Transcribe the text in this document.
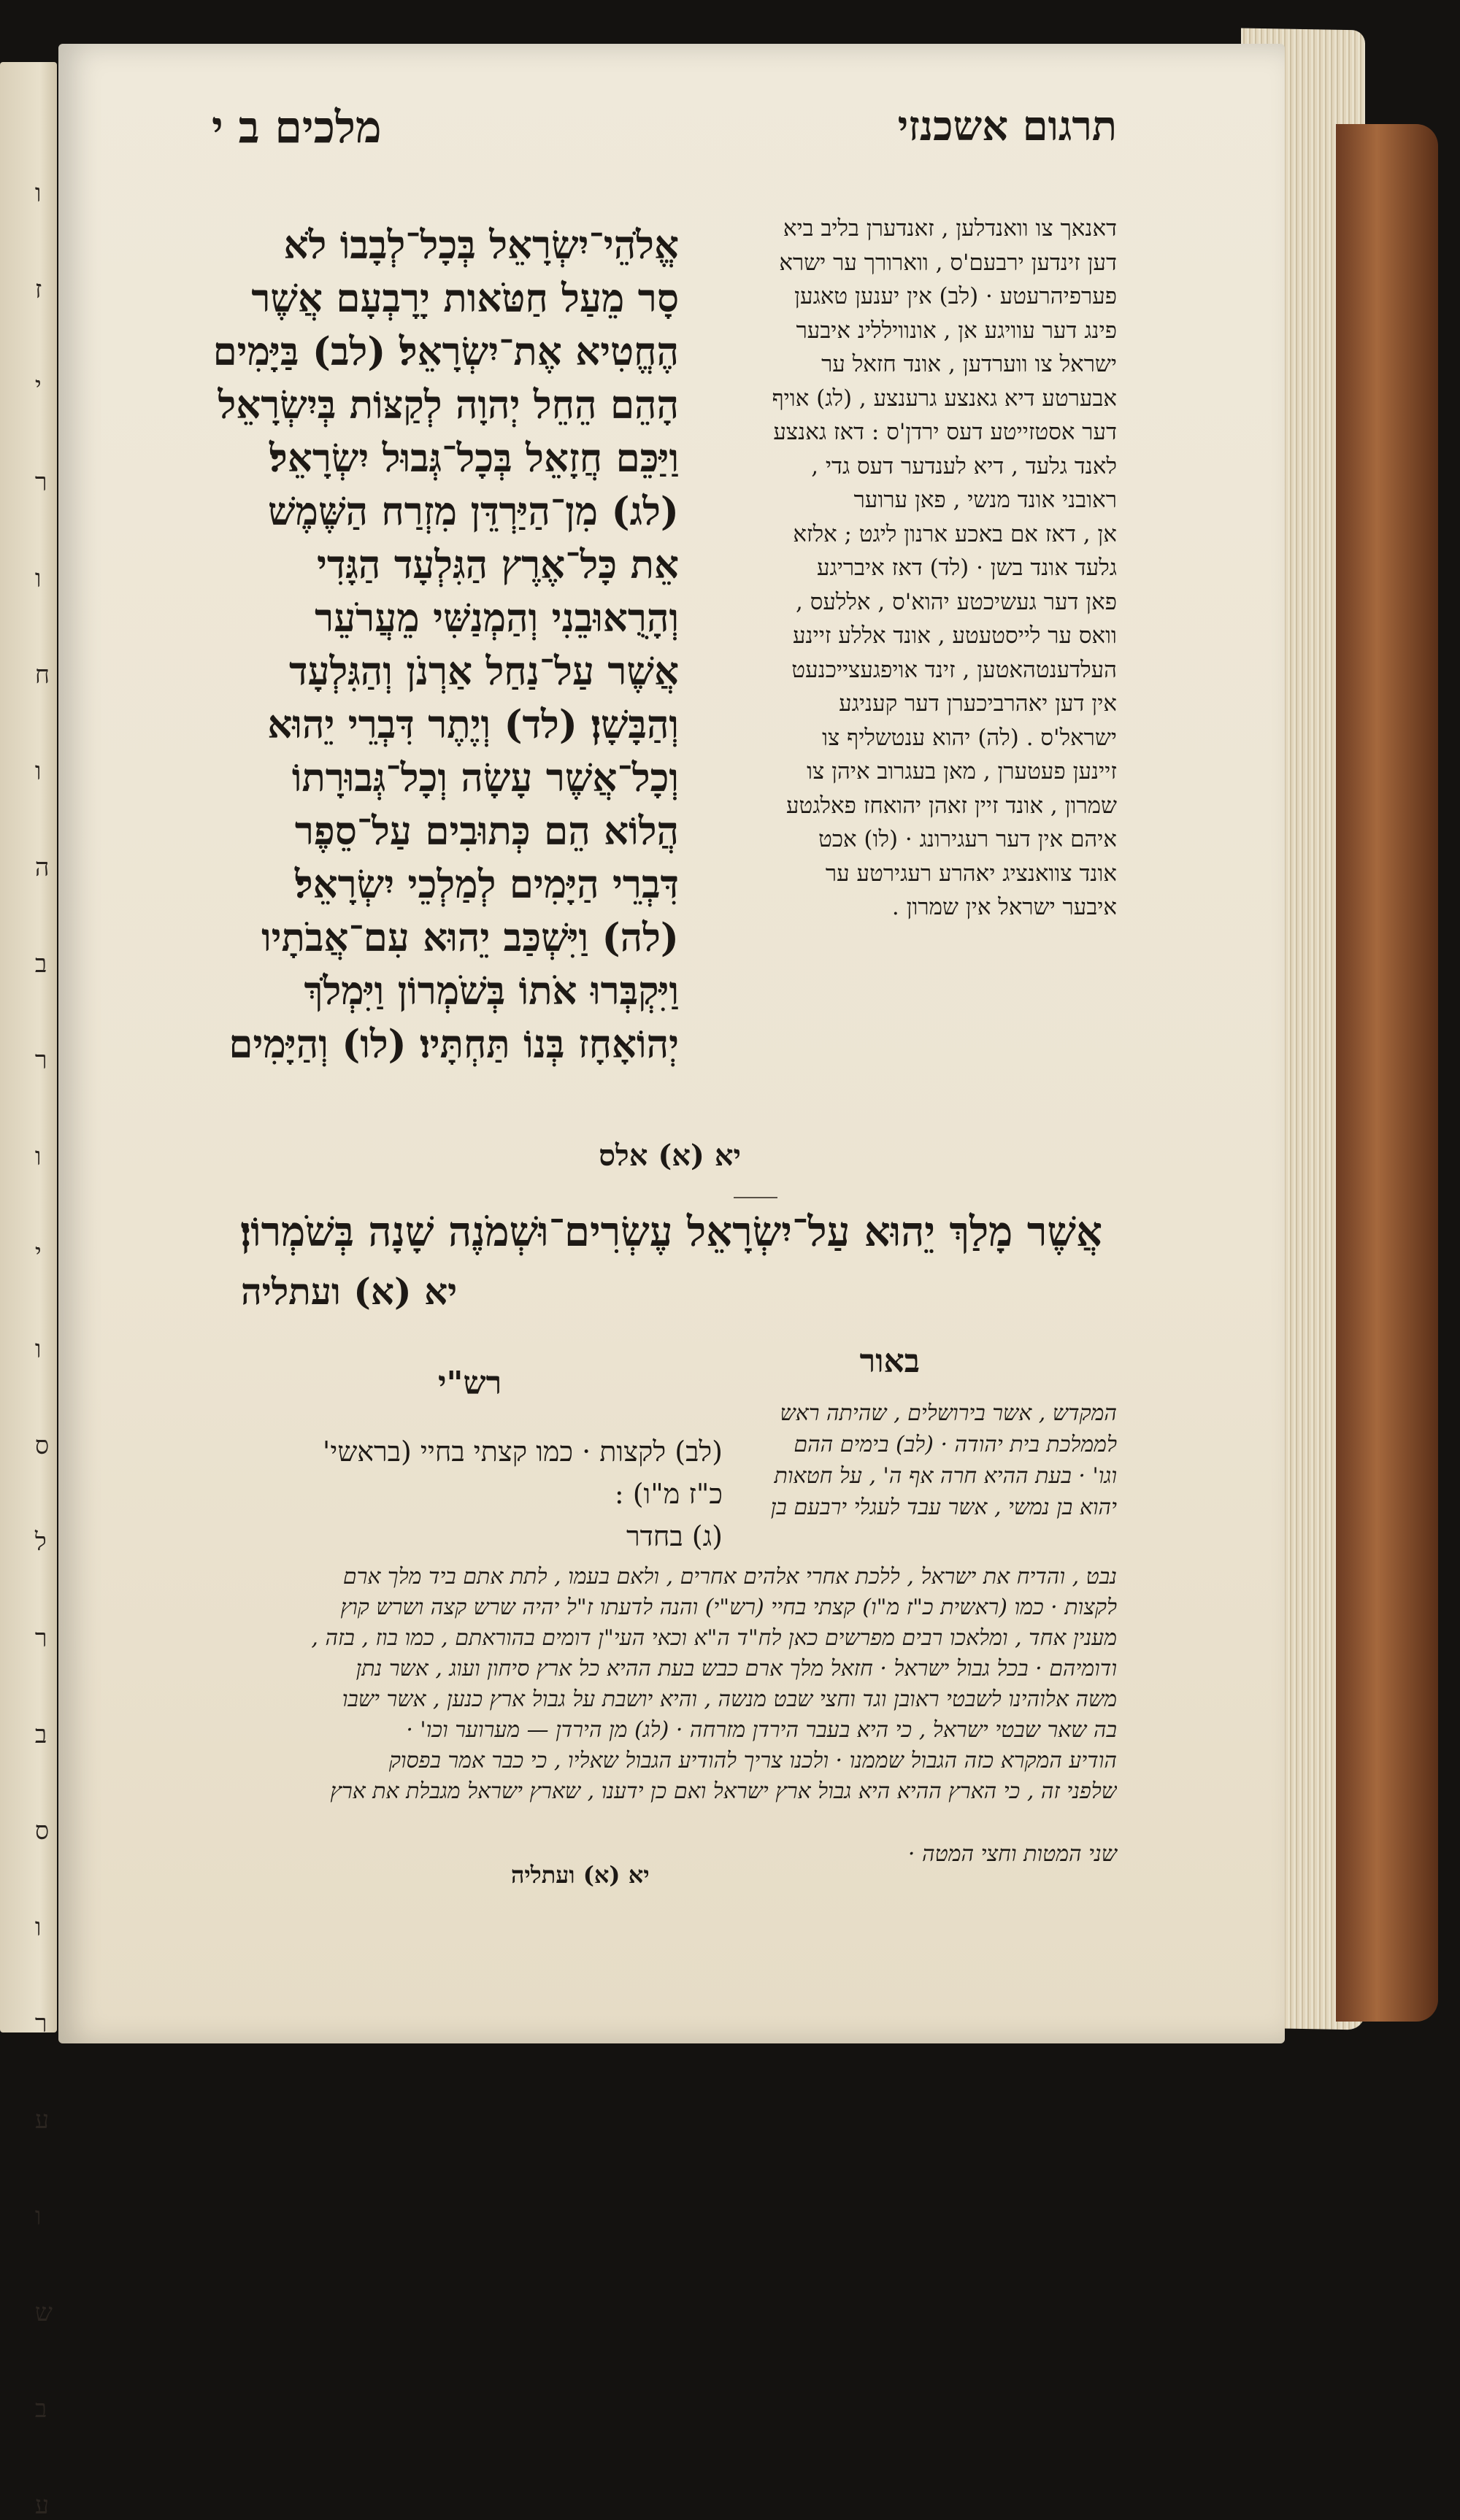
ו
ז
י
ר
ו
ח
ו
ה
ב
ר
ו
י
ו
ס
ל
ר
ב
ס
ו
ר
ע
ו
ש
ב
ע
תרגום אשכנזי
מלכים ב י
דאנאך צו וואנדלען , זאנדערן בליב ביא
דען זינדען ירבעם'ס , ווארורך ער ישרא
פערפיהרעטע · (לב) אין יענען טאגען
פינג דער עוויגע אן , אונוויללינ איבער
ישראל צו ווערדען , אונד חזאל ער
אבערטע דיא גאנצע גרענצע , (לג) אויף
דער אסטזייטע דעס ירדן'ס : דאז גאנצע
לאנד גלעד , דיא לענדער דעס גדי ,
ראובני אונד מנשי , פאן ערוער
אן , דאז אם באכע ארנון ליגט ; אלזא
גלעד אונד בשן · (לד) דאז איבריגע
פאן דער געשיכטע יהוא'ס , אללעס ,
וואס ער לייסטעטע , אונד אללע זיינע
העלדענטהאטען , זינד אויפגעצייכנעט
אין דען יאהרביכערן דער קעניגע
ישראל'ס . (לה) יהוא ענטשליף צו
זיינען פעטערן , מאן בעגרוב איהן צו
שמרון , אונד זיין זאהן יהואחז פאלגטע
איהם אין דער רעגירונג · (לו) אכט
אונד צוואנציג יאהרע רעגירטע ער
איבער ישראל אין שמרון .
אֱלֹהֵי־יִשְׂרָאֵל בְּכָל־לְבָבוֹ לֹא
סָר מֵעַל חַטֹּאות יָרָבְעָם אֲשֶׁר
הֶחֱטִיא אֶת־יִשְׂרָאֵל׃ (לב) בַּיָּמִים
הָהֵם הֵחֵל יְהוָה לְקַצּוֹת בְּיִשְׂרָאֵל
וַיַּכֵּם חֲזָאֵל בְּכָל־גְּבוּל יִשְׂרָאֵל׃
(לג) מִן־הַיַּרְדֵּן מִזְרַח הַשֶּׁמֶשׁ
אֵת כָּל־אֶרֶץ הַגִּלְעָד הַגָּדִי
וְהָרֻאוּבֵנִי וְהַמְנַשִּׁי מֵעֲרֹעֵר
אֲשֶׁר עַל־נַחַל אַרְנֹן וְהַגִּלְעָד
וְהַבָּשָׁן׃ (לד) וְיֶתֶר דִּבְרֵי יֵהוּא
וְכָל־אֲשֶׁר עָשָׂה וְכָל־גְּבוּרָתוֹ
הֲלוֹא הֵם כְּתוּבִים עַל־סֵפֶר
דִּבְרֵי הַיָּמִים לְמַלְכֵי יִשְׂרָאֵל׃
(לה) וַיִּשְׁכַּב יֵהוּא עִם־אֲבֹתָיו
וַיִּקְבְּרוּ אֹתוֹ בְּשֹׁמְרוֹן וַיִּמְלֹךְ
יְהוֹאָחָז בְּנוֹ תַּחְתָּיו׃ (לו) וְהַיָּמִים
אֲשֶׁר מָלַךְ יֵהוּא עַל־יִשְׂרָאֵל עֶשְׂרִים־וּשְׁמֹנֶה שָׁנָה בְּשֹׁמְרוֹן׃
יא (א) ועתליה
באור
רש"י
(לב) לקצות · כמו קצתי בחיי (בראשי'
כ"ז מ"ו) :
(ג) בחדר
המקדש , אשר בירושלים , שהיתה ראש
לממלכת בית יהודה · (לב) בימים ההם
וגו' · בעת ההיא חרה אף ה' , על חטאות
יהוא בן נמשי , אשר עבד לעגלי ירבעם בן
נבט , והדיח את ישראל , ללכת אחרי אלהים אחרים , ולאם בעמו , לתת אתם ביד מלך ארם
לקצות · כמו (ראשית כ"ז מ"ו) קצתי בחיי (רש"י) והנה לדעתו ז"ל יהיה שרש קצה ושרש קוץ
מענין אחד , ומלאכו רבים מפרשים כאן לח"ד ה"א וכאי העי"ן דומים בהוראתם , כמו בוז , בזה ,
ודומיהם · בכל גבול ישראל · חזאל מלך ארם כבש בעת ההיא כל ארץ סיחון ועוג , אשר נתן
משה אלוהינו לשבטי ראובן וגד וחצי שבט מנשה , והיא יושבת על גבול ארץ כנען , אשר ישבו
בה שאר שבטי ישראל , כי היא בעבר הירדן מזרחה · (לג) מן הירדן — מערוער וכו' ·
הודיע המקרא כזה הגבול שממנו · ולכנו צריך להודיע הגבול שאליו , כי כבר אמר בפסוק
שלפני זה , כי הארץ ההיא היא גבול ארץ ישראל ואם כן ידענו , שארץ ישראל מגבלת את ארץ
שני המטות וחצי המטה ·
יא (א) ועתליה
יא (א) אלס
